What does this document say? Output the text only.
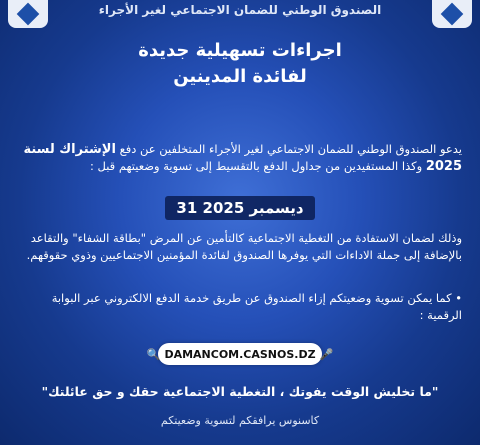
الصندوق الوطني للضمان الاجتماعي لغير الأجراء
اجراءات تسهيلية جديدة
لفائدة المدينين
يدعو الصندوق الوطني للضمان الاجتماعي لغير الأجراء المتخلفين عن دفع الإشتراك لسنة 2025 وكذا المستفيدين من جداول الدفع بالتقسيط إلى تسوية وضعيتهم قبل :
31 ديسمبر 2025
وذلك لضمان الاستفادة من التغطية الاجتماعية كالتأمين عن المرض "بطاقة الشفاء" والتقاعد بالإضافة إلى جملة الاداءات التي يوفرها الصندوق لفائدة المؤمنين الاجتماعيين وذوي حقوقهم.
• كما يمكن تسوية وضعيتكم إزاء الصندوق عن طريق خدمة الدفع الالكتروني عبر البوابة الرقمية :
🔍 DAMANCOM.CASNOS.DZ 🎤
"ما تخليش الوقت يفوتك ، التغطية الاجتماعية حقك و حق عائلتك"
كاسنوس يرافقكم لتسوية وضعيتكم
